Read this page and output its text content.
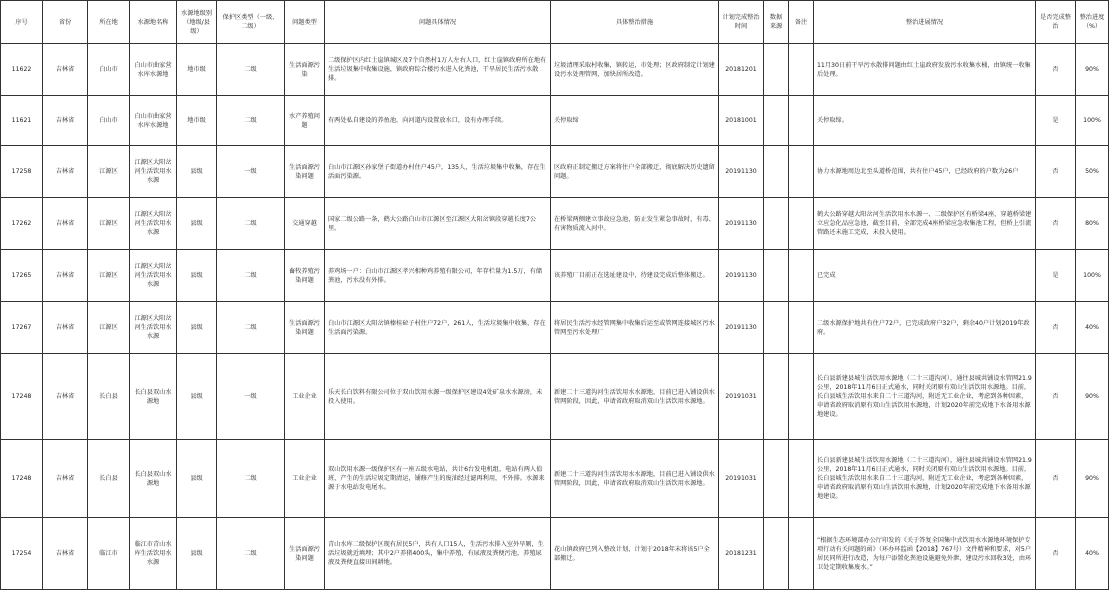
序号	省份	所在地	水源地名称	水源地级别（地级/县级）	保护区类型（一级、二级）	问题类型	问题具体情况	具体整治措施	计划完成整治时间	数据来源	备注	整治进展情况	是否完成整治	整治进度（%）
11622	吉林省	白山市	白山市曲家营水库水源地	地市级	二级	生活面源污染	二级保护区内红土崖镇城区及7个自然村1万人左右人口，红土崖镇政府所在地有生活垃圾集中收集设施，镇政府综合楼污水进入化粪池，干旱居民生活污水散排。	垃圾清理采取村收集，镇转运，市处理；区政府制定计划建设污水处理管网，加快居所改造。	20181201			11月30日前干旱污水散排问题由红土崖政府发放污水收集水桶，由镇统一收集后处理。	否	90%
11621	吉林省	白山市	白山市曲家营水库水源地	地市级	二级	水产养殖问题	有两处私自建设的养鱼池，向河道内设置放水口，设有办理手续。	关停取缔	20181001			关停取缔。	是	100%
17258	吉林省	江源区	江源区大阳岔河生活饮用水水源	县级	一级	生活面源污染问题	白山市江源区孙家堡子街道办村住户45户，135人，生活垃圾集中收集，存在生活面污染源。	区政府正制定搬迁方案将住户全部搬迁，彻底解决历史遗留问题。	20191130			协力水源地周边北至头道桥范围，共有住户45户，已经政府的户数为26户	否	50%
17262	吉林省	江源区	江源区大阳岔河生活饮用水水源	县级	二级	交通穿越	国家二级公路一条，鹤大公路白山市江源区至江源区大阳岔镇段穿越长度7公里。	在桥梁两侧建立事故应急池，防止发生紧急事故时，有毒、有害物质流入河中。	20191130			鹤大公路穿越大阳岔河生活饮用水水源一、二级保护区有桥梁4座，穿越桥梁建立应急化品应急池，截至目前，全部完成4座桥梁应急收集池工程，但桥上引流管路还未施工完成，未投入使用。	否	80%
17265	吉林省	江源区	江源区大阳岔河生活饮用水水源	县级	二级	畜牧养殖污染问题	养鸡场一户：白山市江源区孝兴相种鸡养殖有限公司，年存栏量为1.5万，有储粪池，污水没有外排。	该养殖厂目前正在选址建设中，待建设完成后整体搬迁。	20191130			已完成	是	100%
17267	吉林省	江源区	江源区大阳岔河生活饮用水水源	县级	二级	生活面源污染问题	白山市江源区大阳岔镇榛桂砬子村住户72户，261人，生活垃圾集中收集，存在生活面污染源。	将居民生活污水经管网集中收集后运至或管网连接城区污水管网至污水处理厂	20191130			二级水源保护地共有住户72户，已完成政府户32户，剩余40户计划2019年政府。	否	40%
17248	吉林省	长白县	长白县双山水源地	县级	一级	工业企业	乐天长白饮料有限公司位于双山饮用水源一级保护区建设4处矿泉水水源房，未投入使用。	新建二十三道沟河生活饮用水水源地，目前已进入铺设供水管网阶段，因此，申请省政府取消双山生活饮用水源地。	20191031			长白县新建县城生活饮用水源地（二十三道沟河），通往县城共铺设水管网21.9公里，2018年11月6日正式通水，同时关闭原有双山生活饮用水源地。目前，长白县城生活饮用水来自二十三道沟河，附近无工业企业，考虑到各种因素，申请省政府取消原有双山生活饮用水源地，计划2020年前完成地下水备用水源地建设。	否	90%
17248	吉林省	长白县	长白县双山水源地	县级	二级	工业企业	双山饮用水源一级保护区有一座五级水电站，共计6台发电机组，电站有两人值班，产生的生活垃圾定期清运，铺修产生的废油经过滤再利用，不外排。水源来源于水电站发电尾水。	新建二十三道沟河生活饮用水水源地，目前已进入铺设供水管网阶段，因此，申请省政府取消双山生活饮用水源地。	20191031			长白县新建县城生活饮用水源地（二十三道沟河），通往县城共铺设水管网21.9公里，2018年11月6日正式通水，同时关闭原有双山生活饮用水源地。目前，长白县城生活饮用水来自二十三道沟河，附近无工业企业，考虑到各种因素，申请省政府取消原有双山生活饮用水源地，计划2020年前完成地下水备用水源地建设。	否	90%
17254	吉林省	临江市	临江市青山水库生活饮用水水源	县级	二级	生活面源污染问题	青山水库二级保护区现有居民5户，共有人口15人，生活污水排入室外旱厕，生活垃圾就近填埋；其中2户养猪400头，集中养殖，有尿液及粪便污池，养殖尿液及粪便直接田间耕地。	花山镇政府已列入整改计划，计划于2018年末将该5户全部搬迁。	20181231			“根据生态环境部办公厅印发的《关于答复全国集中式饮用水水源地环境保护专项行动有关问题的函》（环办环监函【2018】767号）文件精神和要求，对5户居民同所进行改造，为每户添置化粪池设施避免外泄，建设污水回收3处，由环卫处定期收集废水。”	否	40%
